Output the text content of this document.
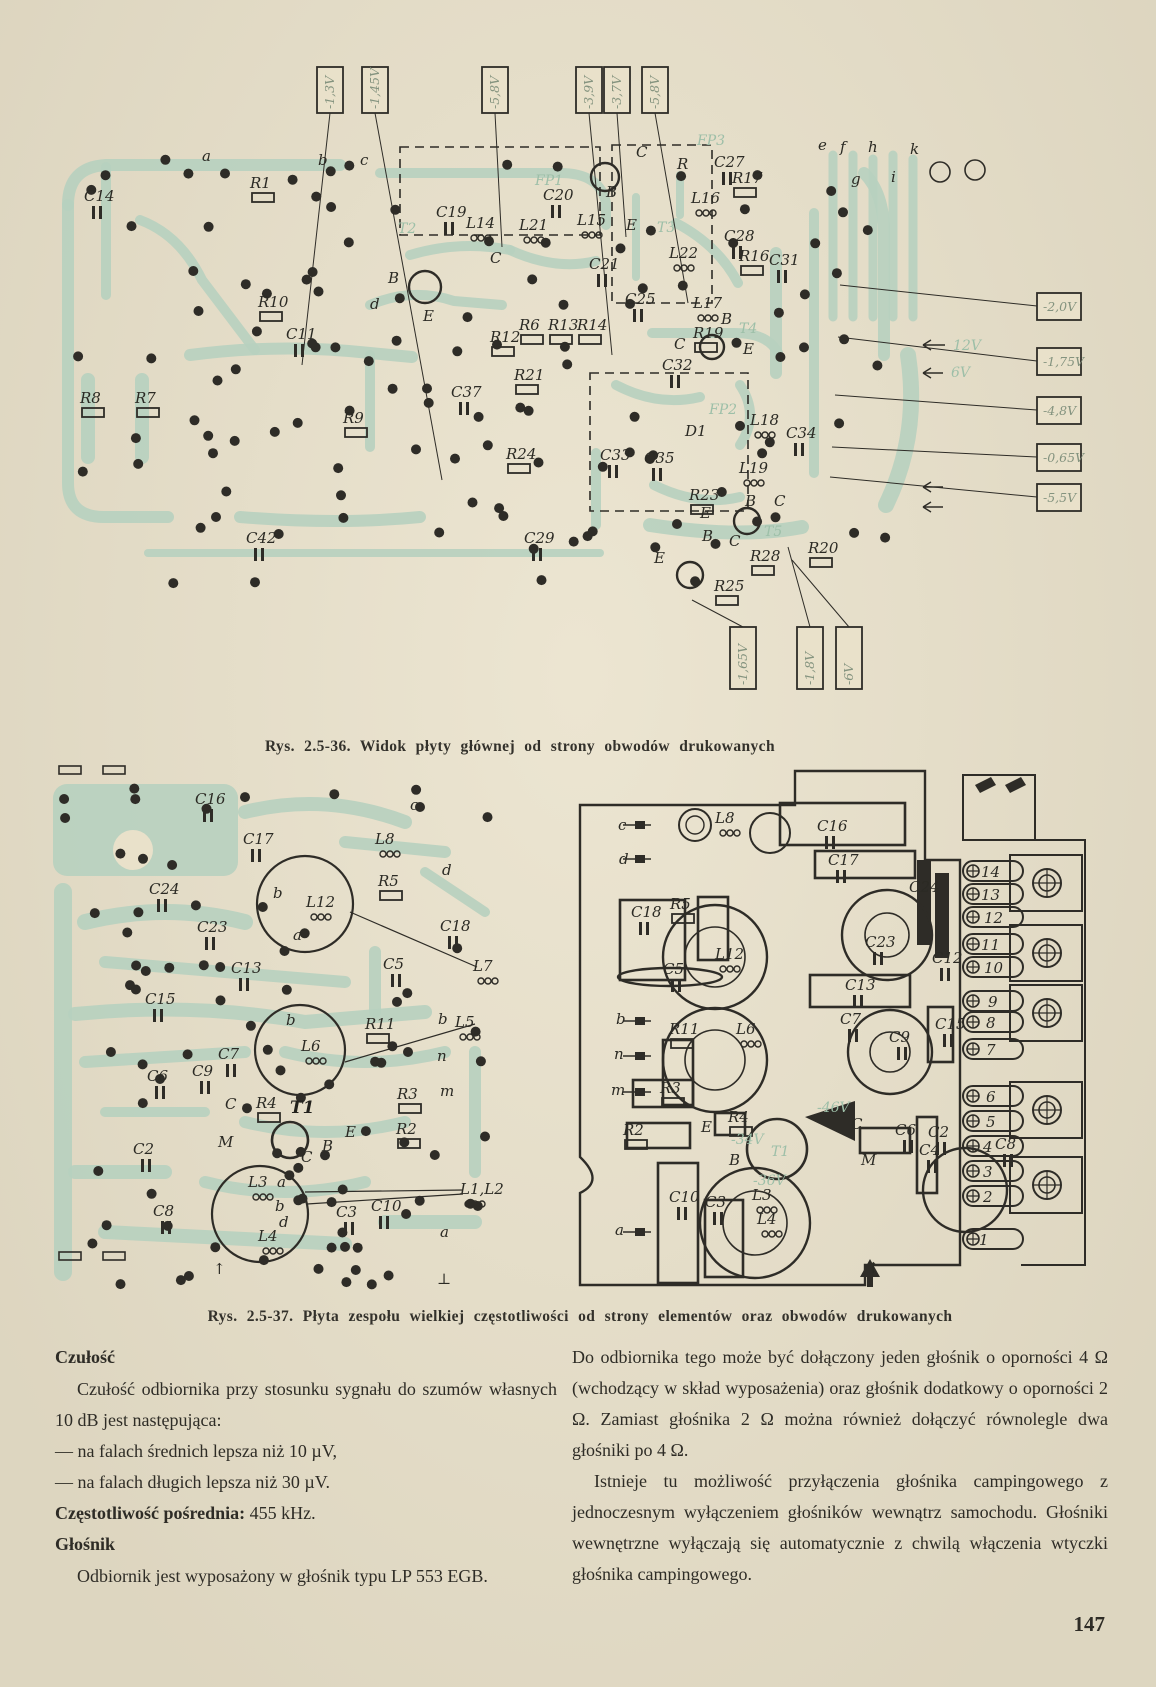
a
R1
b c
C14
R10
R8 R7
R9
C37
R24
C42	C29
T2
B
C
d
E
C11	R12
C19
FP1
L14
C20
L21 L15
C21
C25
R6 R13
R14
R21
B
C
E T3
FP3
R C27
L16
R17
L22
C28
R16 C31
L17
R19
C32
T4
B
C	E
FP2
D1
C33 C35
L18
C34
L19
R23
E
B C
T5
B C
R28 R20
E
R25
e f h k
g i
-1,3V -1,45V	-5,8V	-3,9V -3,7V -5,8V
-2,0V
-1,75V
-4,8V
-0,65V
-5,5V
-1,65V	-1,8V -6V
12V
6V
Rys. 2.5-36. Widok płyty głównej od strony obwodów drukowanych
C16
C17
c
L8
d
C24
C23
R5
C18
b L12
a
C13	L7
C5
C15
b
R11	L5
n
b
L6
C7
C9
C6
m
R3
C R4 T1
M	B
E
C
R2
C2
C8
L3 a
b
d
L4
C3 C10
L1,L2
a
⊥
↑
c	L8	C16
d	C17
C18 R5
L12
C24
C23
C12
C13
C5
b
R11 L6
C7	C15
C9
n
m R3
R2
R4
E
T1
B	M
C C6 C2
C4	C8
L3
L4
C10 C3
a
↑
14
13
12
11
10
9
8
7
6
5
4
3
2
1
-46V
-34V
-36V
Rys. 2.5-37. Płyta zespołu wielkiej częstotliwości od strony elementów oraz obwodów drukowanych
Czułość

Czułość odbiornika przy stosunku sygnału do szumów własnych 10 dB jest następująca:

— na falach średnich lepsza niż 10 µV,

— na falach długich lepsza niż 30 µV.

Częstotliwość pośrednia: 455 kHz.

Głośnik

Odbiornik jest wyposażony w głośnik typu LP 553 EGB.

Do odbiornika tego może być dołączony jeden głośnik o oporności 4 Ω (wchodzący w skład wyposażenia) oraz głośnik dodatkowy o oporności 2 Ω. Zamiast głośnika 2 Ω można również dołączyć równolegle dwa głośniki po 4 Ω.

Istnieje tu możliwość przyłączenia głośnika campingowego z jednoczesnym wyłączeniem głośników wewnątrz samochodu. Głośniki wewnętrzne wyłączają się automatycznie z chwilą włączenia wtyczki głośnika campingowego.

147
